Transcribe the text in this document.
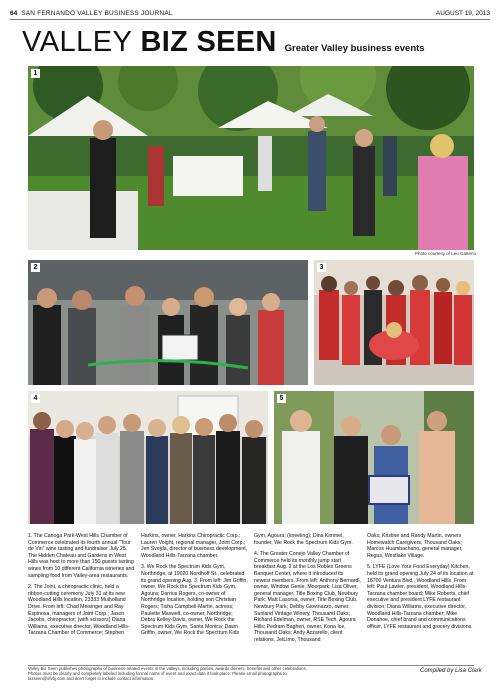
64 SAN FERNANDO VALLEY BUSINESS JOURNAL	AUGUST 19, 2013
VALLEY BIZ SEEN Greater Valley business events
1
Photo courtesy of Leo Gatterio
2	3
4	5

1. The Canoga Park-West Hills Chamber of Commerce celebrated its fourth annual "Tour de Vin" wine tasting and fundraiser July 25. The Hidden Chateau and Gardens in West Hills was host to more than 150 guests tasting wines from 10 different California wineries and sampling food from Valley-area restaurants.

2. The Joint, a chiropractic clinic, held a ribbon-cutting ceremony July 31 at its new Woodland Hills location, 23333 Mulholland Drive. From left: Chad Meisinger and Ray Espinosa, managers of Joint Corp.; Jason Jacobs, chiropractor; (with scissors) Diana Williams, executive director, Woodland Hills-Tarzana Chamber of Commerce; Stephen

Harkins, owner, Harkins Chiropractic Corp.; Lauren Voight, regional manager, Joint Corp.; Jen Svejda, director of business development, Woodland Hills-Tarzana chamber.

3. We Rock the Spectrum Kids Gym, Northridge, at 19020 Nordhoff St., celebrated its grand opening Aug. 3. From left: Jim Griffin, owner, We Rock the Spectrum Kids Gym, Agoura; Darrius Rogers, co-owner of Northridge location, holding son Christian Rogers; Tisha Campbell-Martin, actress; Paulette Maxwell, co-owner, Northridge; Debra Kelley-Davis, owner, We Rock the Spectrum Kids Gym, Santa Monica; Dawn Griffin, owner, We Rock the Spectrum Kids

Gym, Agoura; (kneeling); Dina Kimmel, founder, We Rock the Spectrum Kids Gym.

4. The Greater Conejo Valley Chamber of Commerce held its monthly jump start breakfast Aug. 2 at the Los Robles Greens Banquet Center, where it introduced its newest members. From left: Anthony Bernardi, owner, Window Genie, Moorpark; Lisa Oliver, general manager, Title Boxing Club, Newbury Park; Matt Lasorsa, owner, Title Boxing Club, Newbury Park; Debby Giovinazzo, owner, Sunland Vintage Winery, Thousand Oaks; Richard Edelman, owner, RSE Tech, Agoura Hills; Pedram Bagheri, owner, Kona Ice, Thousand Oaks; Andy Azzarello, client relations, JetLimo, Thousand

Oaks; Kristine and Randy Martin, owners Homewatch Caregivers, Thousand Oaks; Marcos Huambachano, general manager, Regus, Westlake Village.

5. LYFE (Love Your Food Everyday) Kitchen, held its grand opening July 24 of its location at 18700 Ventura Blvd., Woodland Hills. From left: Paul Lawler, president, Woodland Hills-Tarzana chamber board; Mike Roberts, chief executive and president LYFE restaurant division; Diana Williams, executive director, Woodland Hills-Tarzana chamber; Mike Donahoe, chief brand and communications officer, LYFE restaurant and grocery divisions.

Valley Biz Seen publishes photographs of business-related events in the valleys, including parties, awards dinners, benefits and other celebrations. Photos must be clearly and completely labeled including formal name of event and exact date it took place. Please email photographs to bizseen@sfvbj.com and don't forget to include contact information.
Compiled by Lisa Clark
